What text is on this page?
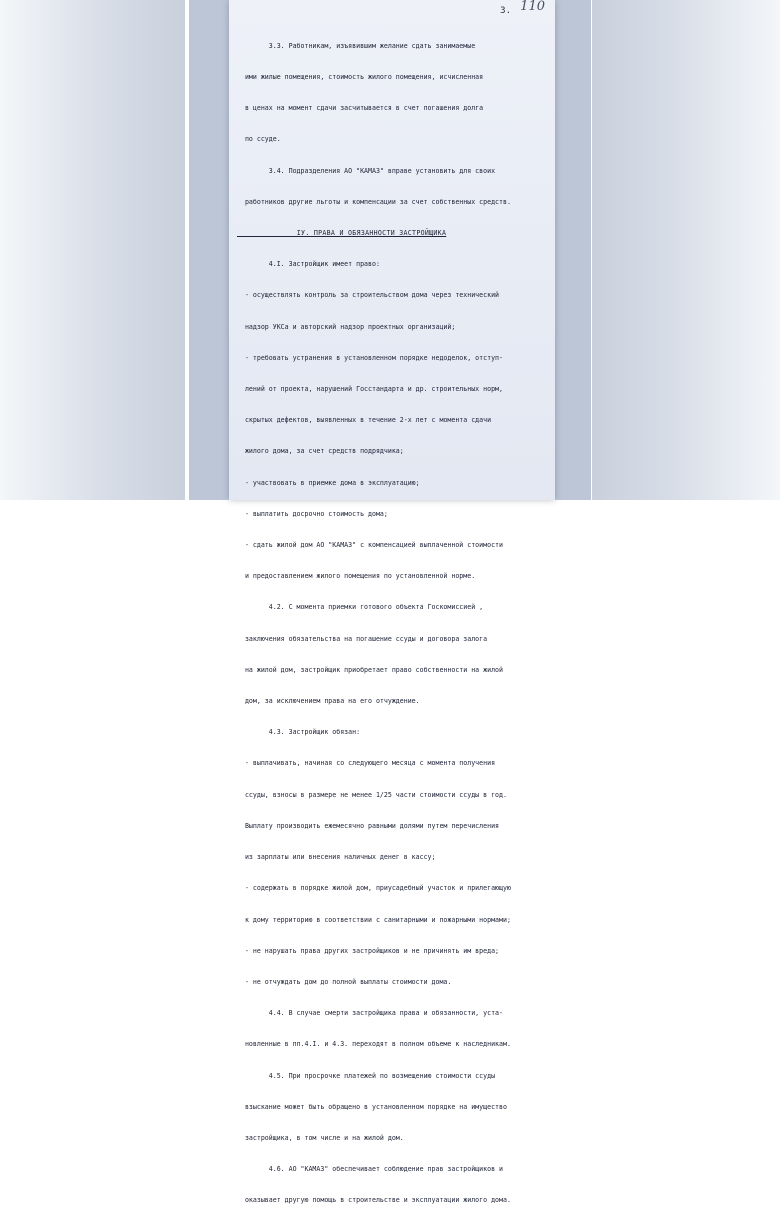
110
3.

3.3. Работникам, изъявившим желание сдать занимаемые

ими жилые помещения, стоимость жилого помещения, исчисленная

в ценах на момент сдачи засчитывается в счет погашения долга

по ссуде.

3.4. Подразделения АО "КАМАЗ" вправе установить для своих

работников другие льготы и компенсации за счет собственных средств.

IУ. ПРАВА И ОБЯЗАННОСТИ ЗАСТРОЙЩИКА

4.I. Застройщик имеет право:

- осуществлять контроль за строительством дома через технический

надзор УКСа и авторский надзор проектных организаций;

- требовать устранения в установленном порядке недоделок, отступ-

лений от проекта, нарушений Госстандарта и др. строительных норм,

скрытых дефектов, выявленных в течение 2-х лет с момента сдачи

жилого дома, за счет средств подрядчика;

- участвовать в приемке дома в эксплуатацию;

- выплатить досрочно стоимость дома;

- сдать жилой дом АО "КАМАЗ" с компенсацией выплаченной стоимости

и предоставлением жилого помещения по установленной норме.

4.2. С момента приемки готового объекта Госкомиссией ,

заключения обязательства на погашение ссуды и договора залога

на жилой дом, застройщик приобретает право собственности на жилой

дом, за исключением права на его отчуждение.

4.3. Застройщик обязан:

- выплачивать, начиная со следующего месяца с момента получения

ссуды, взносы в размере не менее 1/25 части стоимости ссуды в год.

Выплату производить ежемесячно равными долями путем перечисления

из зарплаты или внесения наличных денег в кассу;

- содержать в порядке жилой дом, приусадебный участок и прилегающую

к дому территорию в соответствии с санитарными и пожарными нормами;

- не нарушать права других застройщиков и не причинять им вреда;

- не отчуждать дом до полной выплаты стоимости дома.

4.4. В случае смерти застройщика права и обязанности, уста-

новленные в пп.4.I. и 4.3. переходят в полном объеме к наследникам.

4.5. При просрочке платежей по возмещению стоимости ссуды

взыскание может быть обращено в установленном порядке на имущество

застройщика, в том числе и на жилой дом.

4.6. АО "КАМАЗ" обеспечивает соблюдение прав застройщиков и

оказывает другую помощь в строительстве и эксплуатации жилого дома.
